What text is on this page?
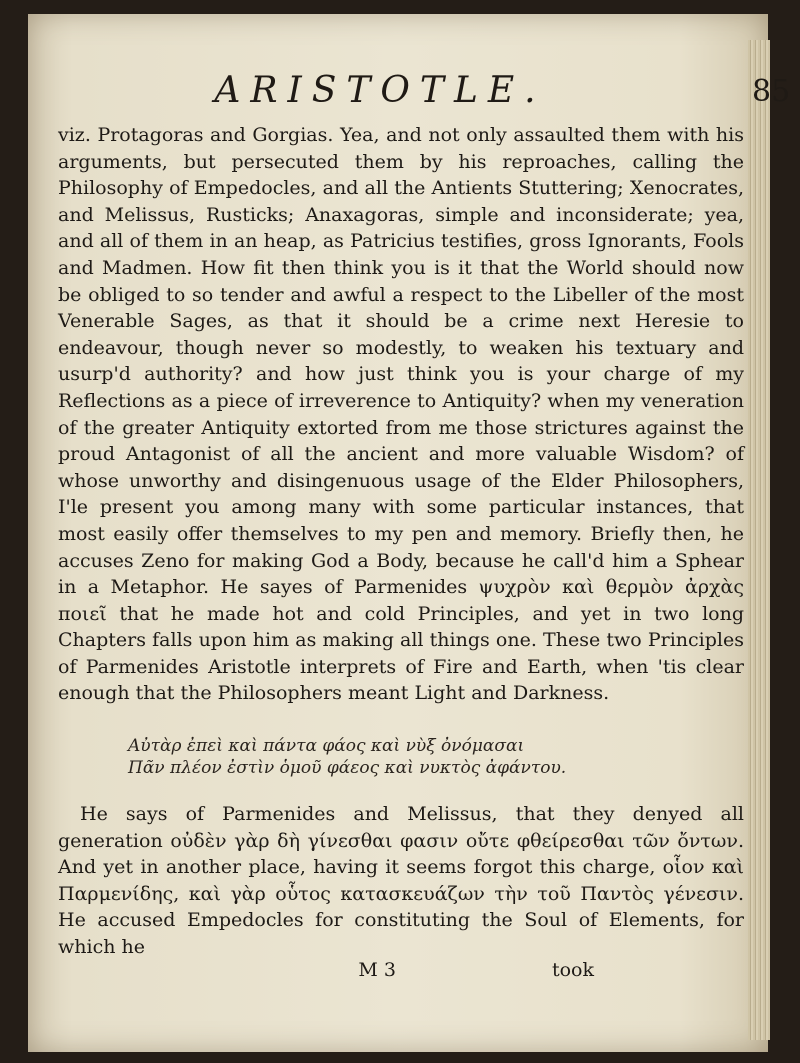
ARISTOTLE.	85

viz. Protagoras and Gorgias. Yea, and not only assaulted them with his arguments, but persecuted them by his reproaches, calling the Philosophy of Empedocles, and all the Antients Stuttering; Xenocrates, and Melissus, Rusticks; Anaxagoras, simple and inconsiderate; yea, and all of them in an heap, as Patricius testifies, gross Ignorants, Fools and Madmen. How fit then think you is it that the World should now be obliged to so tender and awful a respect to the Libeller of the most Venerable Sages, as that it should be a crime next Heresie to endeavour, though never so modestly, to weaken his textuary and usurp'd authority? and how just think you is your charge of my Reflections as a piece of irreverence to Antiquity? when my veneration of the greater Antiquity extorted from me those strictures against the proud Antagonist of all the ancient and more valuable Wisdom? of whose unworthy and disingenuous usage of the Elder Philosophers, I'le present you among many with some particular instances, that most easily offer themselves to my pen and memory. Briefly then, he accuses Zeno for making God a Body, because he call'd him a Sphear in a Metaphor. He sayes of Parmenides ψυχρὸν καὶ θερμὸν ἀρχὰς ποιεῖ that he made hot and cold Principles, and yet in two long Chapters falls upon him as making all things one. These two Principles of Parmenides Aristotle interprets of Fire and Earth, when 'tis clear enough that the Philosophers meant Light and Darkness.

Αὐτὰρ ἐπεὶ καὶ πάντα φάος καὶ νὺξ ὀνόμασαι
Πᾶν πλέον ἐστὶν ὁμοῦ φάεος καὶ νυκτὸς ἀφάντου.

He says of Parmenides and Melissus, that they denyed all generation οὐδὲν γὰρ δὴ γίνεσθαι φασιν οὔτε φθείρεσθαι τῶν ὄντων. And yet in another place, having it seems forgot this charge, οἷον καὶ Παρμενίδης, καὶ γὰρ οὗτος κατασκευάζων τὴν τοῦ Παντὸς γένεσιν. He accused Empedocles for constituting the Soul of Elements, for which he

M 3	took
